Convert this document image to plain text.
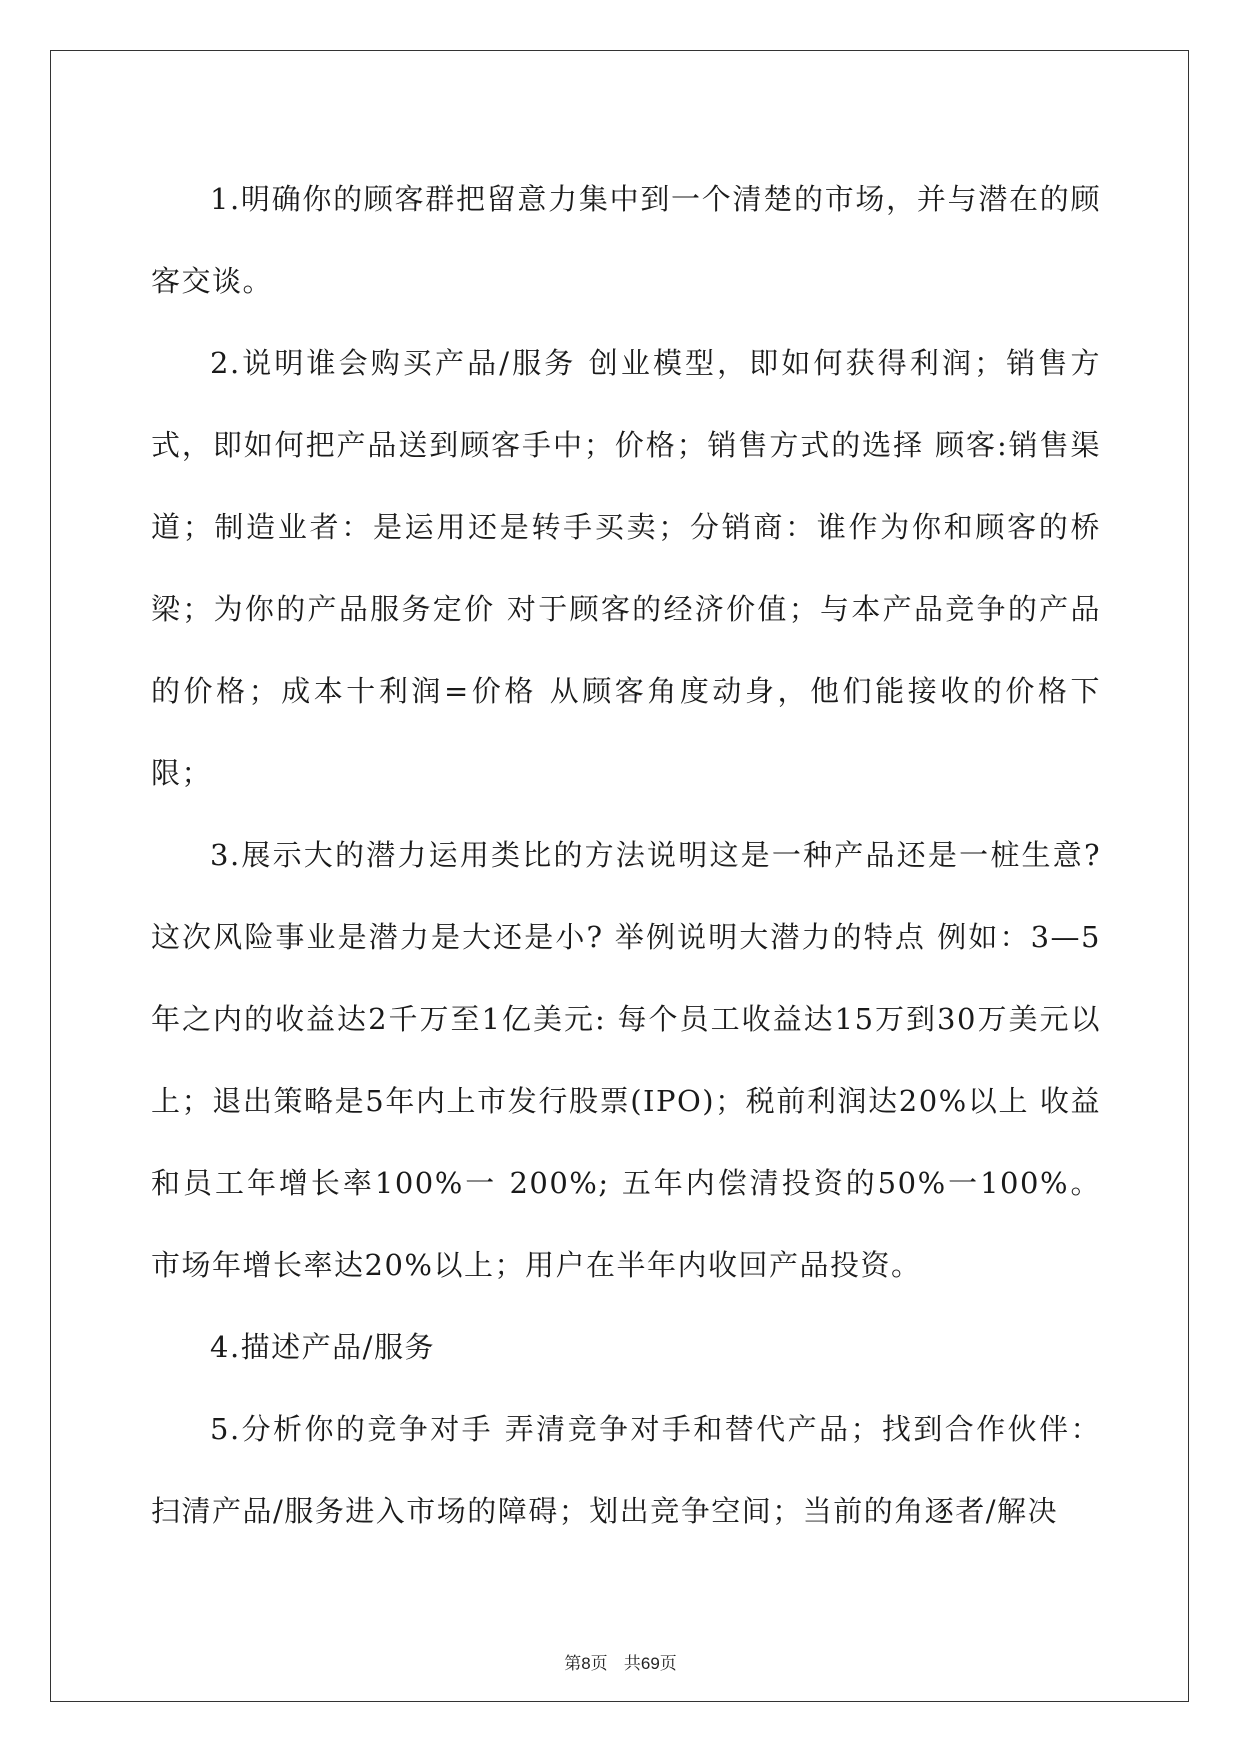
1.明确你的顾客群把留意力集中到一个清楚的市场，并与潜在的顾客交谈。

2.说明谁会购买产品/服务 创业模型，即如何获得利润；销售方式，即如何把产品送到顾客手中；价格；销售方式的选择 顾客:销售渠道；制造业者：是运用还是转手买卖；分销商：谁作为你和顾客的桥梁；为你的产品服务定价 对于顾客的经济价值；与本产品竞争的产品的价格；成本十利润=价格 从顾客角度动身，他们能接收的价格下限；

3.展示大的潜力运用类比的方法说明这是一种产品还是一桩生意?这次风险事业是潜力是大还是小? 举例说明大潜力的特点 例如：3—5年之内的收益达2千万至1亿美元: 每个员工收益达15万到30万美元以上；退出策略是5年内上市发行股票(IPO)；税前利润达20%以上 收益和员工年增长率100%一 200%; 五年内偿清投资的50%一100%。 市场年增长率达20%以上；用户在半年内收回产品投资。

4.描述产品/服务

5.分析你的竞争对手 弄清竞争对手和替代产品；找到合作伙伴：扫清产品/服务进入市场的障碍；划出竞争空间；当前的角逐者/解决

第8页 共69页
